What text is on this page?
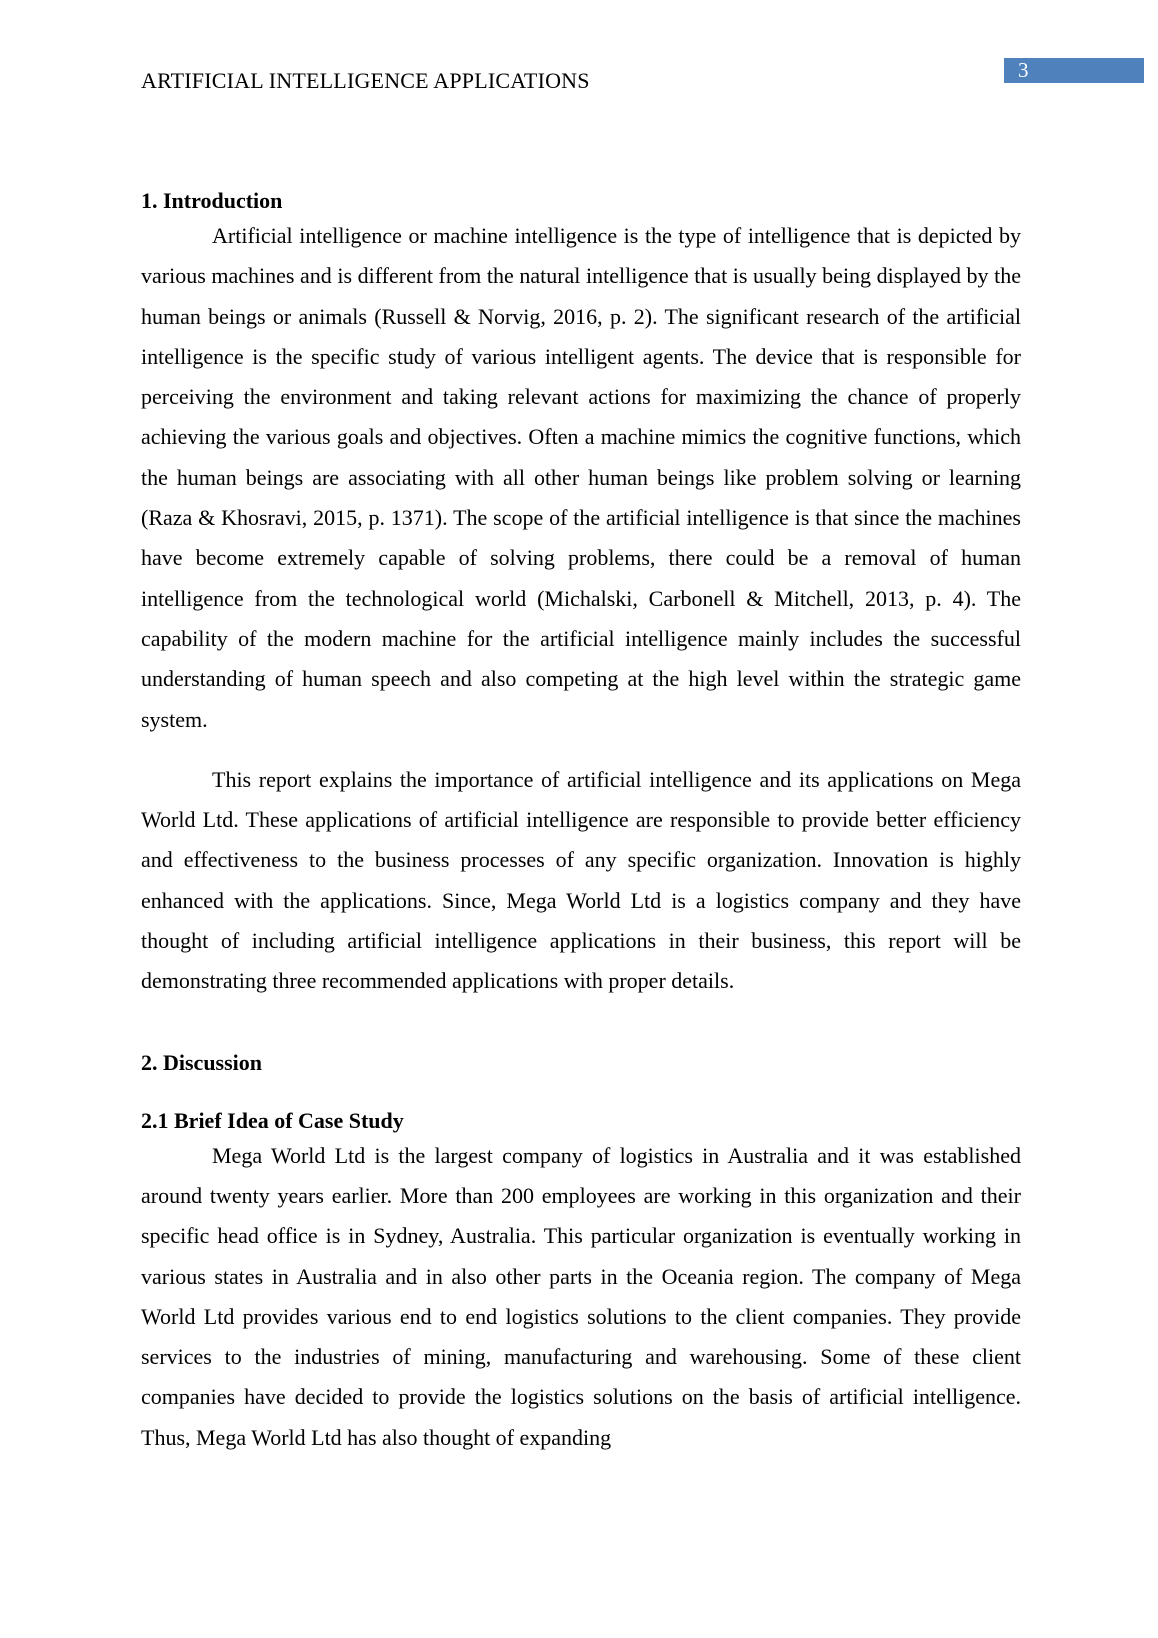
ARTIFICIAL INTELLIGENCE APPLICATIONS	3
1. Introduction

Artificial intelligence or machine intelligence is the type of intelligence that is depicted by various machines and is different from the natural intelligence that is usually being displayed by the human beings or animals (Russell & Norvig, 2016, p. 2). The significant research of the artificial intelligence is the specific study of various intelligent agents. The device that is responsible for perceiving the environment and taking relevant actions for maximizing the chance of properly achieving the various goals and objectives. Often a machine mimics the cognitive functions, which the human beings are associating with all other human beings like problem solving or learning (Raza & Khosravi, 2015, p. 1371). The scope of the artificial intelligence is that since the machines have become extremely capable of solving problems, there could be a removal of human intelligence from the technological world (Michalski, Carbonell & Mitchell, 2013, p. 4). The capability of the modern machine for the artificial intelligence mainly includes the successful understanding of human speech and also competing at the high level within the strategic game system.

This report explains the importance of artificial intelligence and its applications on Mega World Ltd. These applications of artificial intelligence are responsible to provide better efficiency and effectiveness to the business processes of any specific organization. Innovation is highly enhanced with the applications. Since, Mega World Ltd is a logistics company and they have thought of including artificial intelligence applications in their business, this report will be demonstrating three recommended applications with proper details.

2. Discussion
2.1 Brief Idea of Case Study

Mega World Ltd is the largest company of logistics in Australia and it was established around twenty years earlier. More than 200 employees are working in this organization and their specific head office is in Sydney, Australia. This particular organization is eventually working in various states in Australia and in also other parts in the Oceania region. The company of Mega World Ltd provides various end to end logistics solutions to the client companies. They provide services to the industries of mining, manufacturing and warehousing. Some of these client companies have decided to provide the logistics solutions on the basis of artificial intelligence. Thus, Mega World Ltd has also thought of expanding
